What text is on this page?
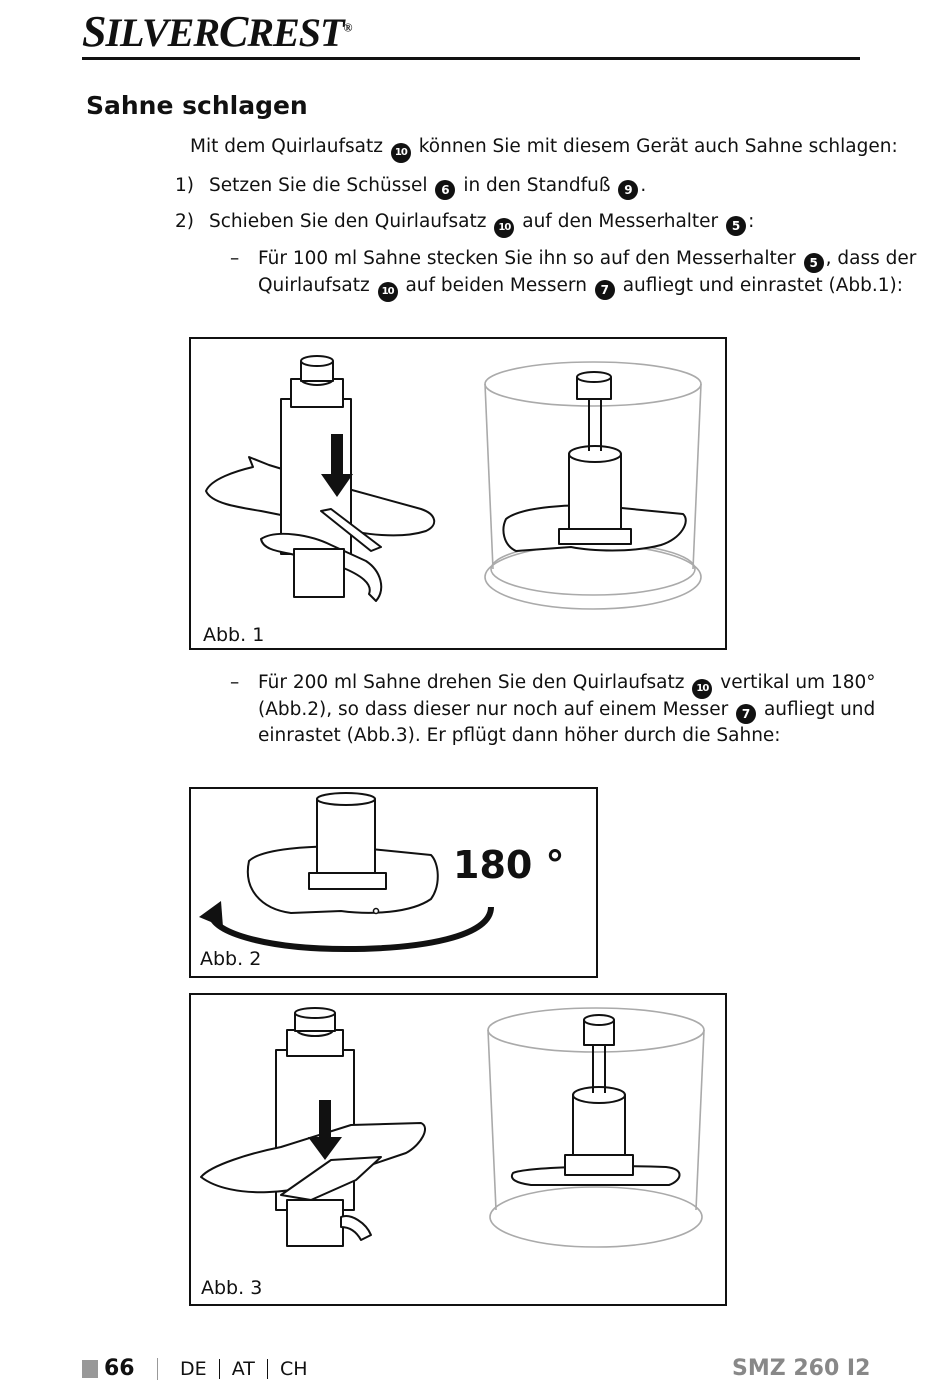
SILVERCREST®
Sahne schlagen
Mit dem Quirlaufsatz 10 können Sie mit diesem Gerät auch Sahne schlagen:
1) Setzen Sie die Schüssel 6 in den Standfuß 9 .
2) Schieben Sie den Quirlaufsatz 10 auf den Messerhalter 5 :
– Für 100 ml Sahne stecken Sie ihn so auf den Messerhalter 5 , dass der
Quirlaufsatz 10 auf beiden Messern 7 aufliegt und einrastet (Abb.1):
Abb. 1
– Für 200 ml Sahne drehen Sie den Quirlaufsatz 10 vertikal um 180°
(Abb.2), so dass dieser nur noch auf einem Messer 7 aufliegt und
einrastet (Abb.3). Er pflügt dann höher durch die Sahne:
180 °
Abb. 2
Abb. 3
66 DE AT CH	SMZ 260 I2
